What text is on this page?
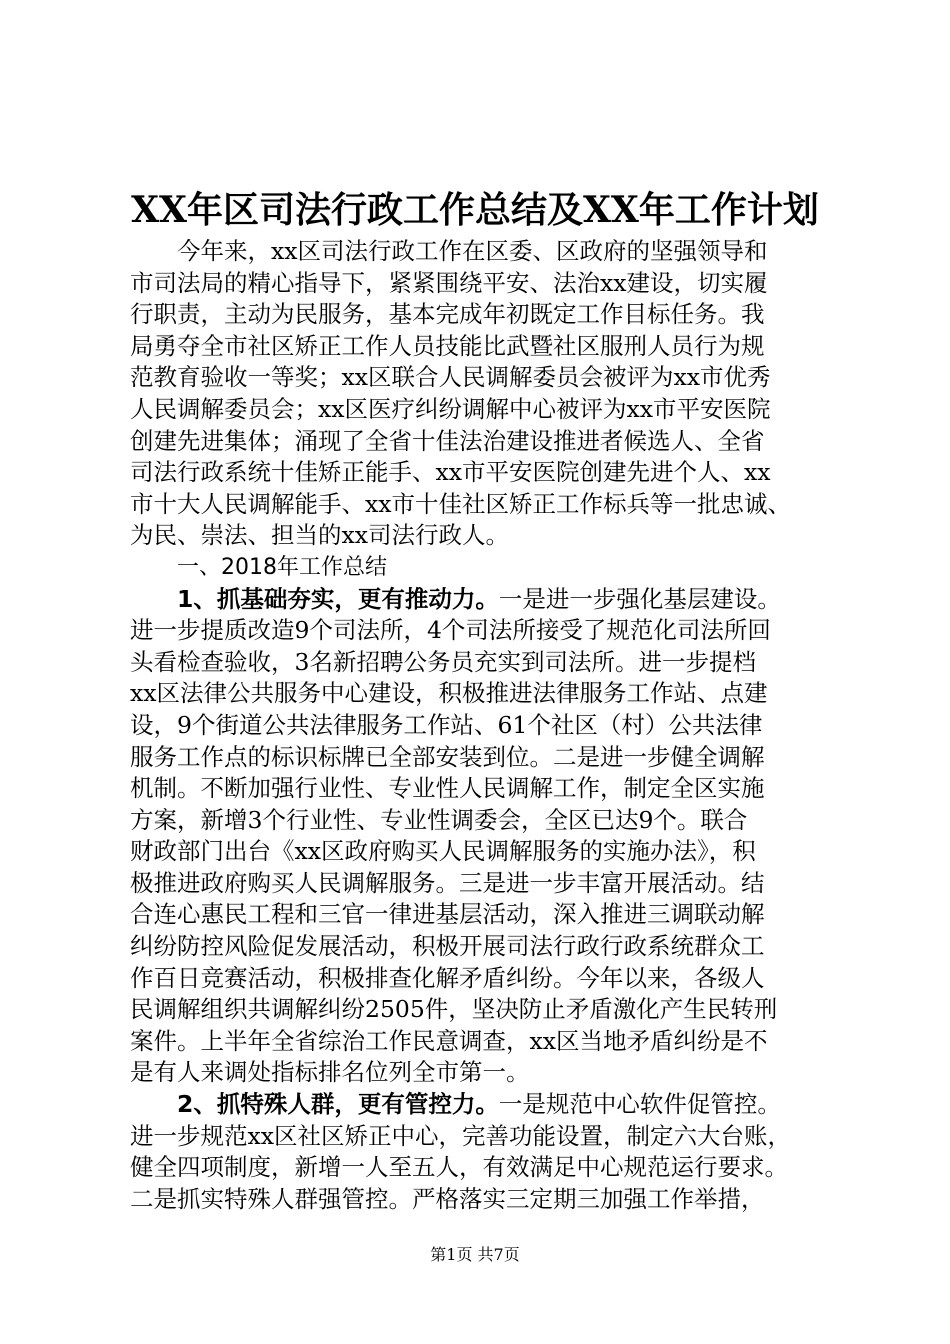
XX年区司法行政工作总结及XX年工作计划
今年来，xx区司法行政工作在区委、区政府的坚强领导和
市司法局的精心指导下，紧紧围绕平安、法治xx建设，切实履
行职责，主动为民服务，基本完成年初既定工作目标任务。我
局勇夺全市社区矫正工作人员技能比武暨社区服刑人员行为规
范教育验收一等奖；xx区联合人民调解委员会被评为xx市优秀
人民调解委员会；xx区医疗纠纷调解中心被评为xx市平安医院
创建先进集体；涌现了全省十佳法治建设推进者候选人、全省
司法行政系统十佳矫正能手、xx市平安医院创建先进个人、xx
市十大人民调解能手、xx市十佳社区矫正工作标兵等一批忠诚、
为民、崇法、担当的xx司法行政人。
一、2018年工作总结
1、抓基础夯实，更有推动力。一是进一步强化基层建设。
进一步提质改造9个司法所，4个司法所接受了规范化司法所回
头看检查验收，3名新招聘公务员充实到司法所。进一步提档
xx区法律公共服务中心建设，积极推进法律服务工作站、点建
设，9个街道公共法律服务工作站、61个社区（村）公共法律
服务工作点的标识标牌已全部安装到位。二是进一步健全调解
机制。不断加强行业性、专业性人民调解工作，制定全区实施
方案，新增3个行业性、专业性调委会，全区已达9个。联合
财政部门出台《xx区政府购买人民调解服务的实施办法》，积
极推进政府购买人民调解服务。三是进一步丰富开展活动。结
合连心惠民工程和三官一律进基层活动，深入推进三调联动解
纠纷防控风险促发展活动，积极开展司法行政行政系统群众工
作百日竞赛活动，积极排查化解矛盾纠纷。今年以来，各级人
民调解组织共调解纠纷2505件，坚决防止矛盾激化产生民转刑
案件。上半年全省综治工作民意调查，xx区当地矛盾纠纷是不
是有人来调处指标排名位列全市第一。
2、抓特殊人群，更有管控力。一是规范中心软件促管控。
进一步规范xx区社区矫正中心，完善功能设置，制定六大台账，
健全四项制度，新增一人至五人，有效满足中心规范运行要求。
二是抓实特殊人群强管控。严格落实三定期三加强工作举措，
第1页 共7页
